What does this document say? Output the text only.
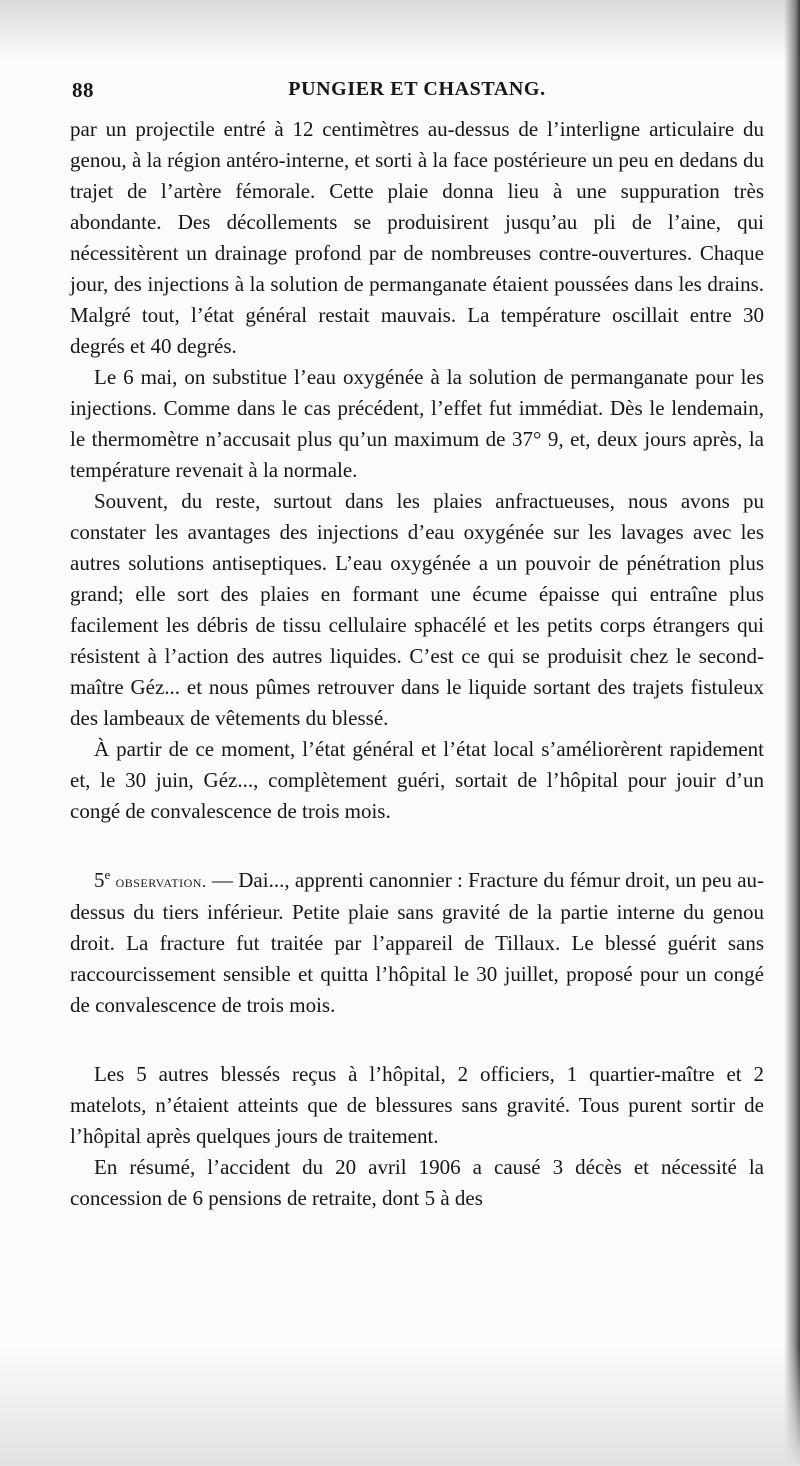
88	PUNGIER ET CHASTANG.

par un projectile entré à 12 centimètres au-dessus de l’interligne articulaire du genou, à la région antéro-interne, et sorti à la face postérieure un peu en dedans du trajet de l’artère fémorale. Cette plaie donna lieu à une suppuration très abondante. Des décollements se produisirent jusqu’au pli de l’aine, qui nécessitèrent un drainage profond par de nombreuses contre-ouvertures. Chaque jour, des injections à la solution de permanganate étaient poussées dans les drains. Malgré tout, l’état général restait mauvais. La température oscillait entre 30 degrés et 40 degrés.

Le 6 mai, on substitue l’eau oxygénée à la solution de permanganate pour les injections. Comme dans le cas précédent, l’effet fut immédiat. Dès le lendemain, le thermomètre n’accusait plus qu’un maximum de 37° 9, et, deux jours après, la température revenait à la normale.

Souvent, du reste, surtout dans les plaies anfractueuses, nous avons pu constater les avantages des injections d’eau oxygénée sur les lavages avec les autres solutions antiseptiques. L’eau oxygénée a un pouvoir de pénétration plus grand; elle sort des plaies en formant une écume épaisse qui entraîne plus facilement les débris de tissu cellulaire sphacélé et les petits corps étrangers qui résistent à l’action des autres liquides. C’est ce qui se produisit chez le second-maître Géz... et nous pûmes retrouver dans le liquide sortant des trajets fistuleux des lambeaux de vêtements du blessé.

À partir de ce moment, l’état général et l’état local s’améliorèrent rapidement et, le 30 juin, Géz..., complètement guéri, sortait de l’hôpital pour jouir d’un congé de convalescence de trois mois.

5e observation. — Dai..., apprenti canonnier : Fracture du fémur droit, un peu au-dessus du tiers inférieur. Petite plaie sans gravité de la partie interne du genou droit. La fracture fut traitée par l’appareil de Tillaux. Le blessé guérit sans raccourcissement sensible et quitta l’hôpital le 30 juillet, proposé pour un congé de convalescence de trois mois.

Les 5 autres blessés reçus à l’hôpital, 2 officiers, 1 quartier-maître et 2 matelots, n’étaient atteints que de blessures sans gravité. Tous purent sortir de l’hôpital après quelques jours de traitement.

En résumé, l’accident du 20 avril 1906 a causé 3 décès et nécessité la concession de 6 pensions de retraite, dont 5 à des
